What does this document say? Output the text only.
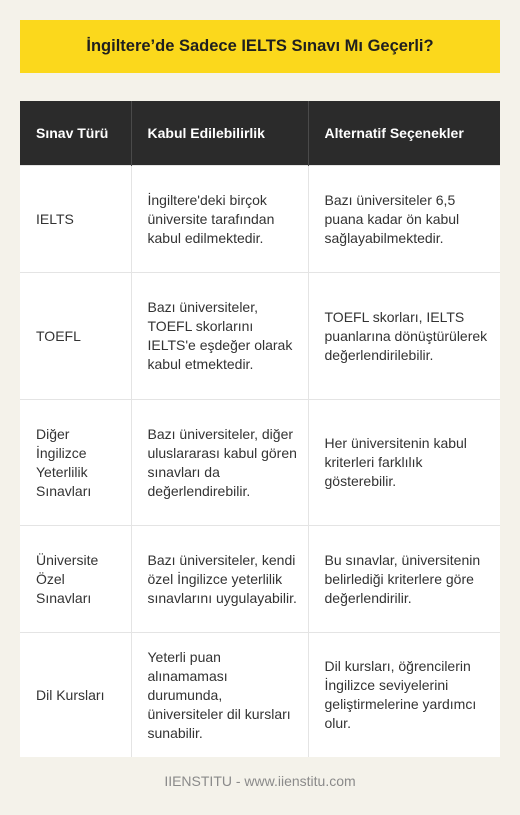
İngiltere’de Sadece IELTS Sınavı Mı Geçerli?
Sınav Türü	Kabul Edilebilirlik	Alternatif Seçenekler
IELTS	İngiltere'deki birçok üniversite tarafından kabul edilmektedir.	Bazı üniversiteler 6,5 puana kadar ön kabul sağlayabilmektedir.
TOEFL	Bazı üniversiteler, TOEFL skorlarını IELTS'e eşdeğer olarak kabul etmektedir.	TOEFL skorları, IELTS puanlarına dönüştürülerek değerlendirilebilir.
Diğer İngilizce Yeterlilik Sınavları	Bazı üniversiteler, diğer uluslararası kabul gören sınavları da değerlendirebilir.	Her üniversitenin kabul kriterleri farklılık gösterebilir.
Üniversite Özel Sınavları	Bazı üniversiteler, kendi özel İngilizce yeterlilik sınavlarını uygulayabilir.	Bu sınavlar, üniversitenin belirlediği kriterlere göre değerlendirilir.
Dil Kursları	Yeterli puan alınamaması durumunda, üniversiteler dil kursları sunabilir.	Dil kursları, öğrencilerin İngilizce seviyelerini geliştirmelerine yardımcı olur.
IIENSTITU - www.iienstitu.com
